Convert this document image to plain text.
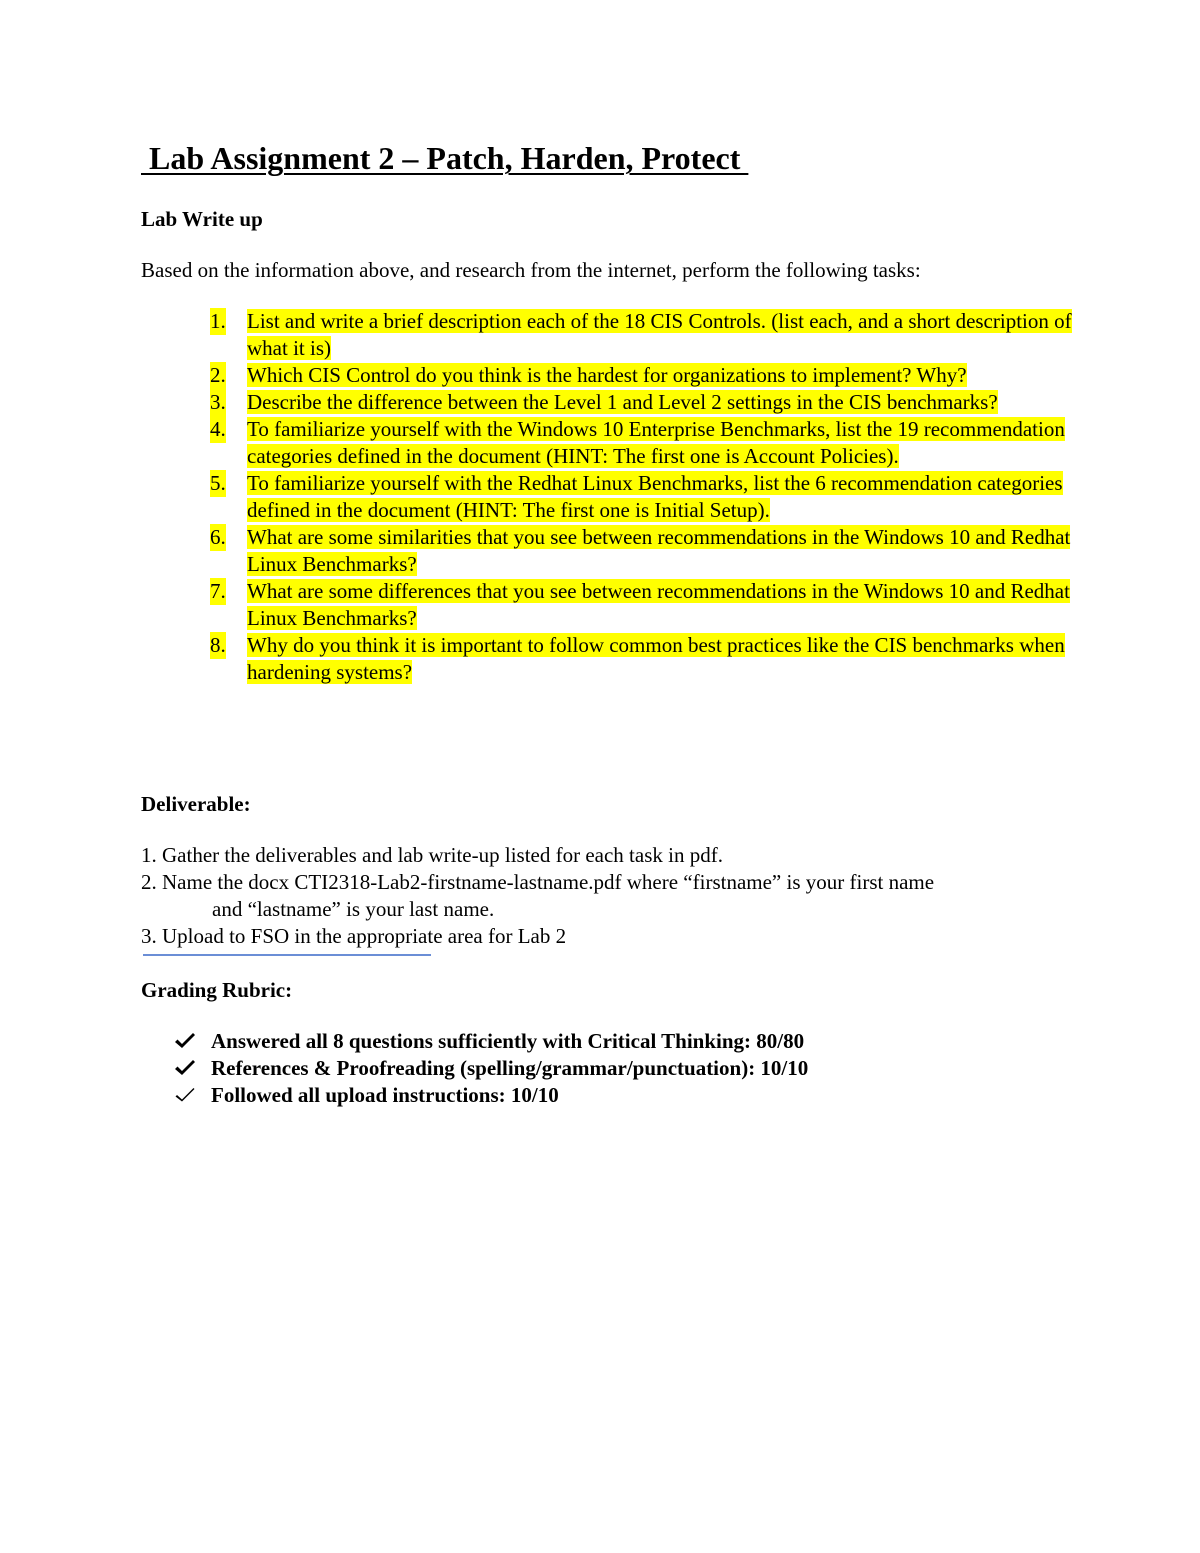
Lab Assignment 2 – Patch, Harden, Protect

Lab Write up

Based on the information above, and research from the internet, perform the following tasks:

1. List and write a brief description each of the 18 CIS Controls. (list each, and a short description of what it is)
2. Which CIS Control do you think is the hardest for organizations to implement? Why?
3. Describe the difference between the Level 1 and Level 2 settings in the CIS benchmarks?
4. To familiarize yourself with the Windows 10 Enterprise Benchmarks, list the 19 recommendation categories defined in the document (HINT: The first one is Account Policies).
5. To familiarize yourself with the Redhat Linux Benchmarks, list the 6 recommendation categories defined in the document (HINT: The first one is Initial Setup).
6. What are some similarities that you see between recommendations in the Windows 10 and Redhat Linux Benchmarks?
7. What are some differences that you see between recommendations in the Windows 10 and Redhat Linux Benchmarks?
8. Why do you think it is important to follow common best practices like the CIS benchmarks when hardening systems?

Deliverable:

1. Gather the deliverables and lab write-up listed for each task in pdf.
2. Name the docx CTI2318-Lab2-firstname-lastname.pdf where “firstname” is your first name
and “lastname” is your last name.
3. Upload to FSO in the appropriate area for Lab 2

Grading Rubric:

Answered all 8 questions sufficiently with Critical Thinking: 80/80
References & Proofreading (spelling/grammar/punctuation): 10/10
Followed all upload instructions: 10/10
